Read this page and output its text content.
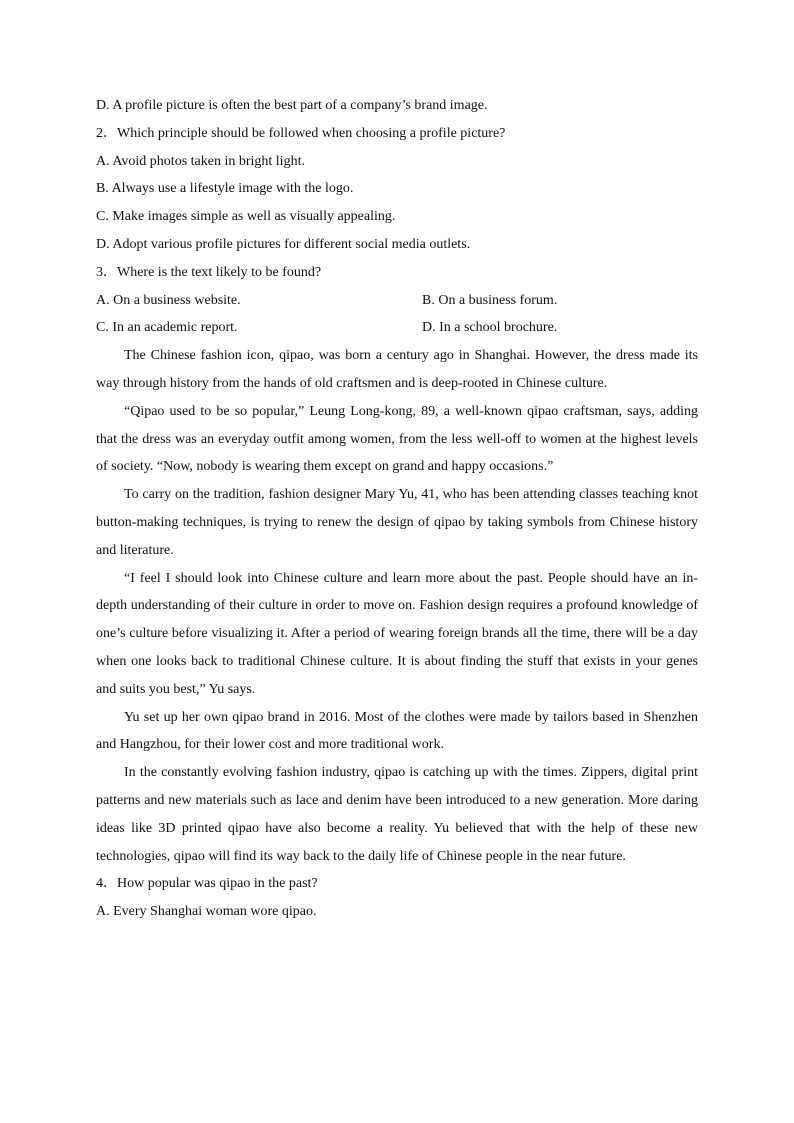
D. A profile picture is often the best part of a company’s brand image.
2．Which principle should be followed when choosing a profile picture?
A. Avoid photos taken in bright light.
B. Always use a lifestyle image with the logo.
C. Make images simple as well as visually appealing.
D. Adopt various profile pictures for different social media outlets.
3．Where is the text likely to be found?
A. On a business website.	B. On a business forum.
C. In an academic report.	D. In a school brochure.

The Chinese fashion icon, qipao, was born a century ago in Shanghai. However, the dress made its way through history from the hands of old craftsmen and is deep-rooted in Chinese culture.

“Qipao used to be so popular,” Leung Long-kong, 89, a well-known qipao craftsman, says, adding that the dress was an everyday outfit among women, from the less well-off to women at the highest levels of society. “Now, nobody is wearing them except on grand and happy occasions.”

To carry on the tradition, fashion designer Mary Yu, 41, who has been attending classes teaching knot button-making techniques, is trying to renew the design of qipao by taking symbols from Chinese history and literature.

“I feel I should look into Chinese culture and learn more about the past. People should have an in-depth understanding of their culture in order to move on. Fashion design requires a profound knowledge of one’s culture before visualizing it. After a period of wearing foreign brands all the time, there will be a day when one looks back to traditional Chinese culture. It is about finding the stuff that exists in your genes and suits you best,” Yu says.

Yu set up her own qipao brand in 2016. Most of the clothes were made by tailors based in Shenzhen and Hangzhou, for their lower cost and more traditional work.

In the constantly evolving fashion industry, qipao is catching up with the times. Zippers, digital print patterns and new materials such as lace and denim have been introduced to a new generation. More daring ideas like 3D printed qipao have also become a reality. Yu believed that with the help of these new technologies, qipao will find its way back to the daily life of Chinese people in the near future.

4．How popular was qipao in the past?
A. Every Shanghai woman wore qipao.
